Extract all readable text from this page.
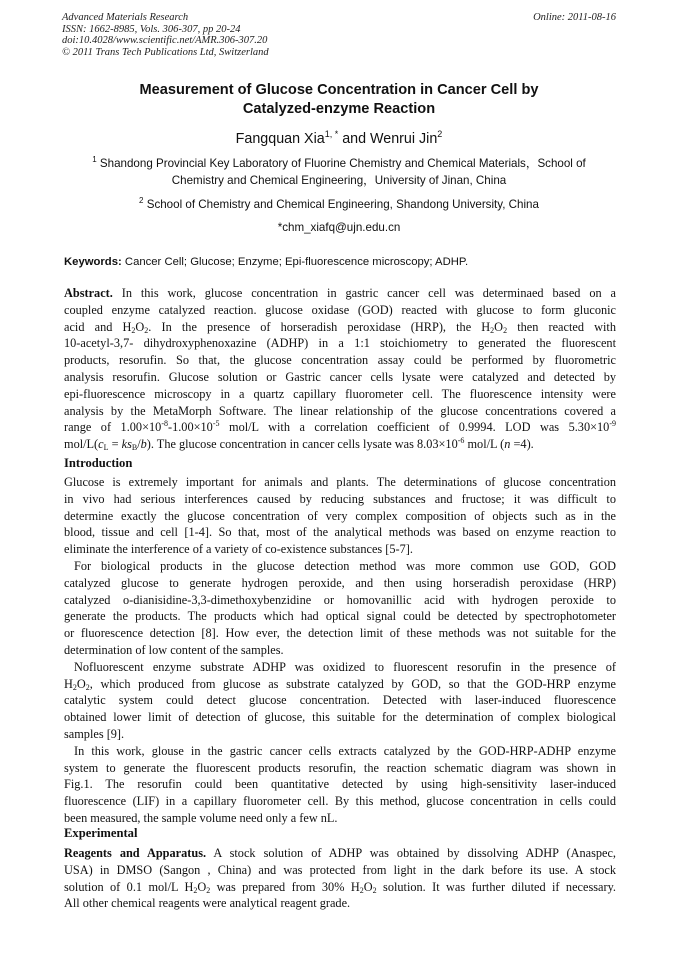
Advanced Materials Research
ISSN: 1662-8985, Vols. 306-307, pp 20-24
doi:10.4028/www.scientific.net/AMR.306-307.20
© 2011 Trans Tech Publications Ltd, Switzerland
Online: 2011-08-16
Measurement of Glucose Concentration in Cancer Cell by
Catalyzed-enzyme Reaction
Fangquan Xia$^{1, *}$ and Wenrui Jin$^2$
$^1$ Shandong Provincial Key Laboratory of Fluorine Chemistry and Chemical Materials，School of
Chemistry and Chemical Engineering，University of Jinan, China
$^2$ School of Chemistry and Chemical Engineering, Shandong University, China
*chm_xiafq@ujn.edu.cn
Keywords: Cancer Cell; Glucose; Enzyme; Epi-fluorescence microscopy; ADHP.
Abstract. In this work, glucose concentration in gastric cancer cell was determinaed based on a
coupled enzyme catalyzed reaction. glucose oxidase (GOD) reacted with glucose to form gluconic
acid and $H_2O_2$. In the presence of horseradish peroxidase (HRP), the $H_2O_2$ then reacted with
10-acetyl-3,7- dihydroxyphenoxazine (ADHP) in a 1:1 stoichiometry to generated the fluorescent
products, resorufin. So that, the glucose concentration assay could be performed by fluorometric
analysis resorufin. Glucose solution or Gastric cancer cells lysate were catalyzed and detected by
epi-fluorescence microscopy in a quartz capillary fluorometer cell. The fluorescence intensity were
analysis by the MetaMorph Software. The linear relationship of the glucose concentrations covered a
range of $1.00\times 10^{-8}-1.00\times 10^{-5}$ mol/L with a correlation coefficient of 0.9994. LOD was $5.30\times 10^{-9}$
mol/$L(c_L = ks_B/b)$. The glucose concentration in cancer cells lysate was $8.03\times 10^{-6}$ mol/L (n =4).
Introduction
Glucose is extremely important for animals and plants. The determinations of glucose concentration
in vivo had serious interferences caused by reducing substances and fructose; it was difficult to
determine exactly the glucose concentration of very complex composition of objects such as in the
blood, tissue and cell [1-4]. So that, most of the analytical methods was based on enzyme reaction to
eliminate the interference of a variety of co-existence substances [5-7].
For biological products in the glucose detection method was more common use GOD, GOD
catalyzed glucose to generate hydrogen peroxide, and then using horseradish peroxidase (HRP)
catalyzed o-dianisidine-3,3-dimethoxybenzidine or homovanillic acid with hydrogen peroxide to
generate the products. The products which had optical signal could be detected by spectrophotometer
or fluorescence detection [8]. How ever, the detection limit of these methods was not suitable for the
determination of low content of the samples.
Nofluorescent enzyme substrate ADHP was oxidized to fluorescent resorufin in the presence of
$H_2O_2$, which produced from glucose as substrate catalyzed by GOD, so that the GOD-HRP enzyme
catalytic system could detect glucose concentration. Detected with laser-induced fluorescence
obtained lower limit of detection of glucose, this suitable for the determination of complex biological
samples [9].
In this work, glouse in the gastric cancer cells extracts catalyzed by the GOD-HRP-ADHP enzyme
system to generate the fluorescent products resorufin, the reaction schematic diagram was shown in
Fig.1. The resorufin could been quantitative detected by using high-sensitivity laser-induced
fluorescence (LIF) in a capillary fluorometer cell. By this method, glucose concentration in cells could
been measured, the sample volume need only a few nL.
Experimental
Reagents and Apparatus. A stock solution of ADHP was obtained by dissolving ADHP (Anaspec,
USA) in DMSO (Sangon , China) and was protected from light in the dark before its use. A stock
solution of 0.1 mol/L $H_2O_2$ was prepared from 30% $H_2O_2$ solution. It was further diluted if necessary.
All other chemical reagents were analytical reagent grade.
